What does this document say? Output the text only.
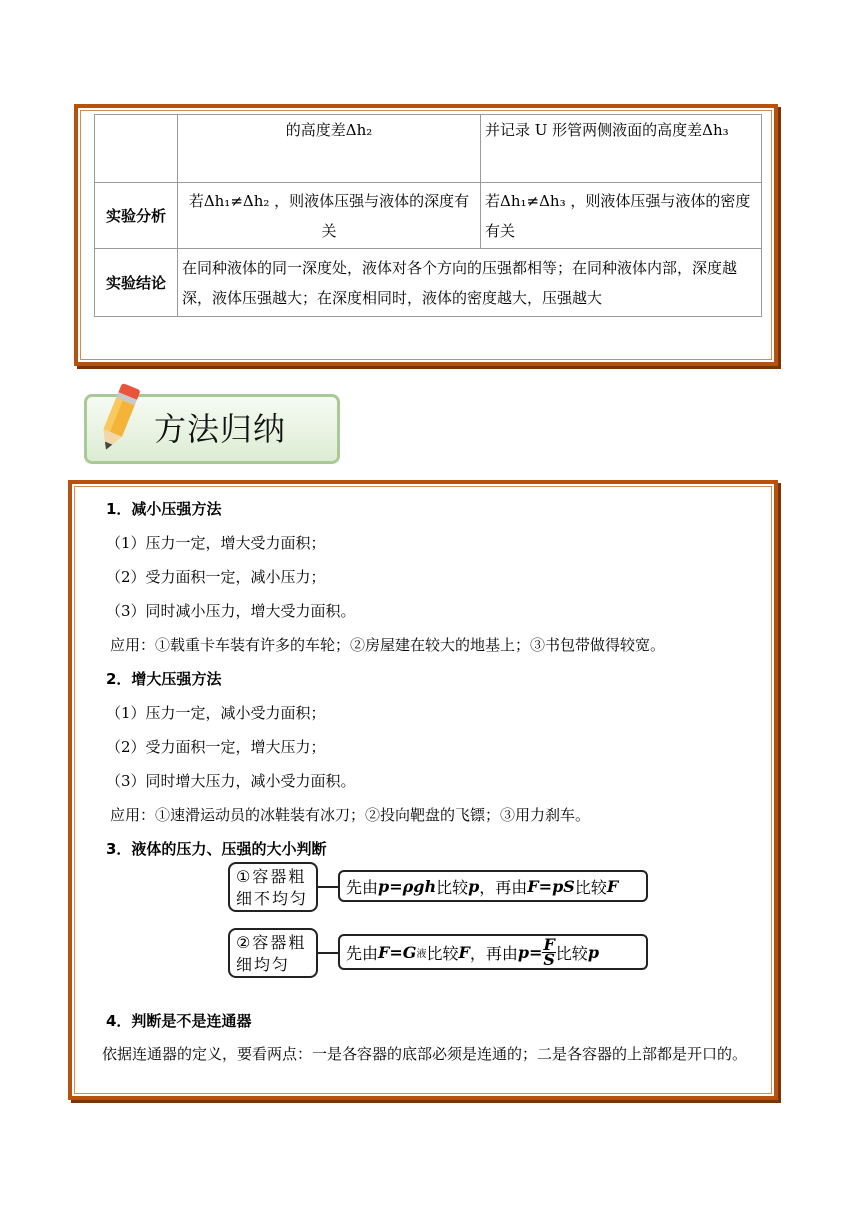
	的高度差Δh₂	并记录 U 形管两侧液面的高度差Δh₃
实验分析	若Δh₁≠Δh₂ ，则液体压强与液体的深度有关	若Δh₁≠Δh₃ ，则液体压强与液体的密度有关
实验结论	在同种液体的同一深度处，液体对各个方向的压强都相等；在同种液体内部，深度越深，液体压强越大；在深度相同时，液体的密度越大，压强越大	
方法归纳

1．减小压强方法

（1）压力一定，增大受力面积；

（2）受力面积一定，减小压力；

（3）同时减小压力，增大受力面积。

应用：①载重卡车装有许多的车轮；②房屋建在较大的地基上；③书包带做得较宽。

2．增大压强方法

（1）压力一定，减小受力面积；

（2）受力面积一定，增大压力；

（3）同时增大压力，减小受力面积。

应用：①速滑运动员的冰鞋装有冰刀；②投向靶盘的飞镖；③用力刹车。

3．液体的压力、压强的大小判断

4．判断是不是连通器

依据连通器的定义，要看两点：一是各容器的底部必须是连通的；二是各容器的上部都是开口的。

①容器粗细不均匀
先由 p=ρgh 比较 p ，再由 F=pS 比较 F
②容器粗细均匀
先由 F=G 液 比较 F ，再由 $p= \frac{F}{S}$ 比较 p
